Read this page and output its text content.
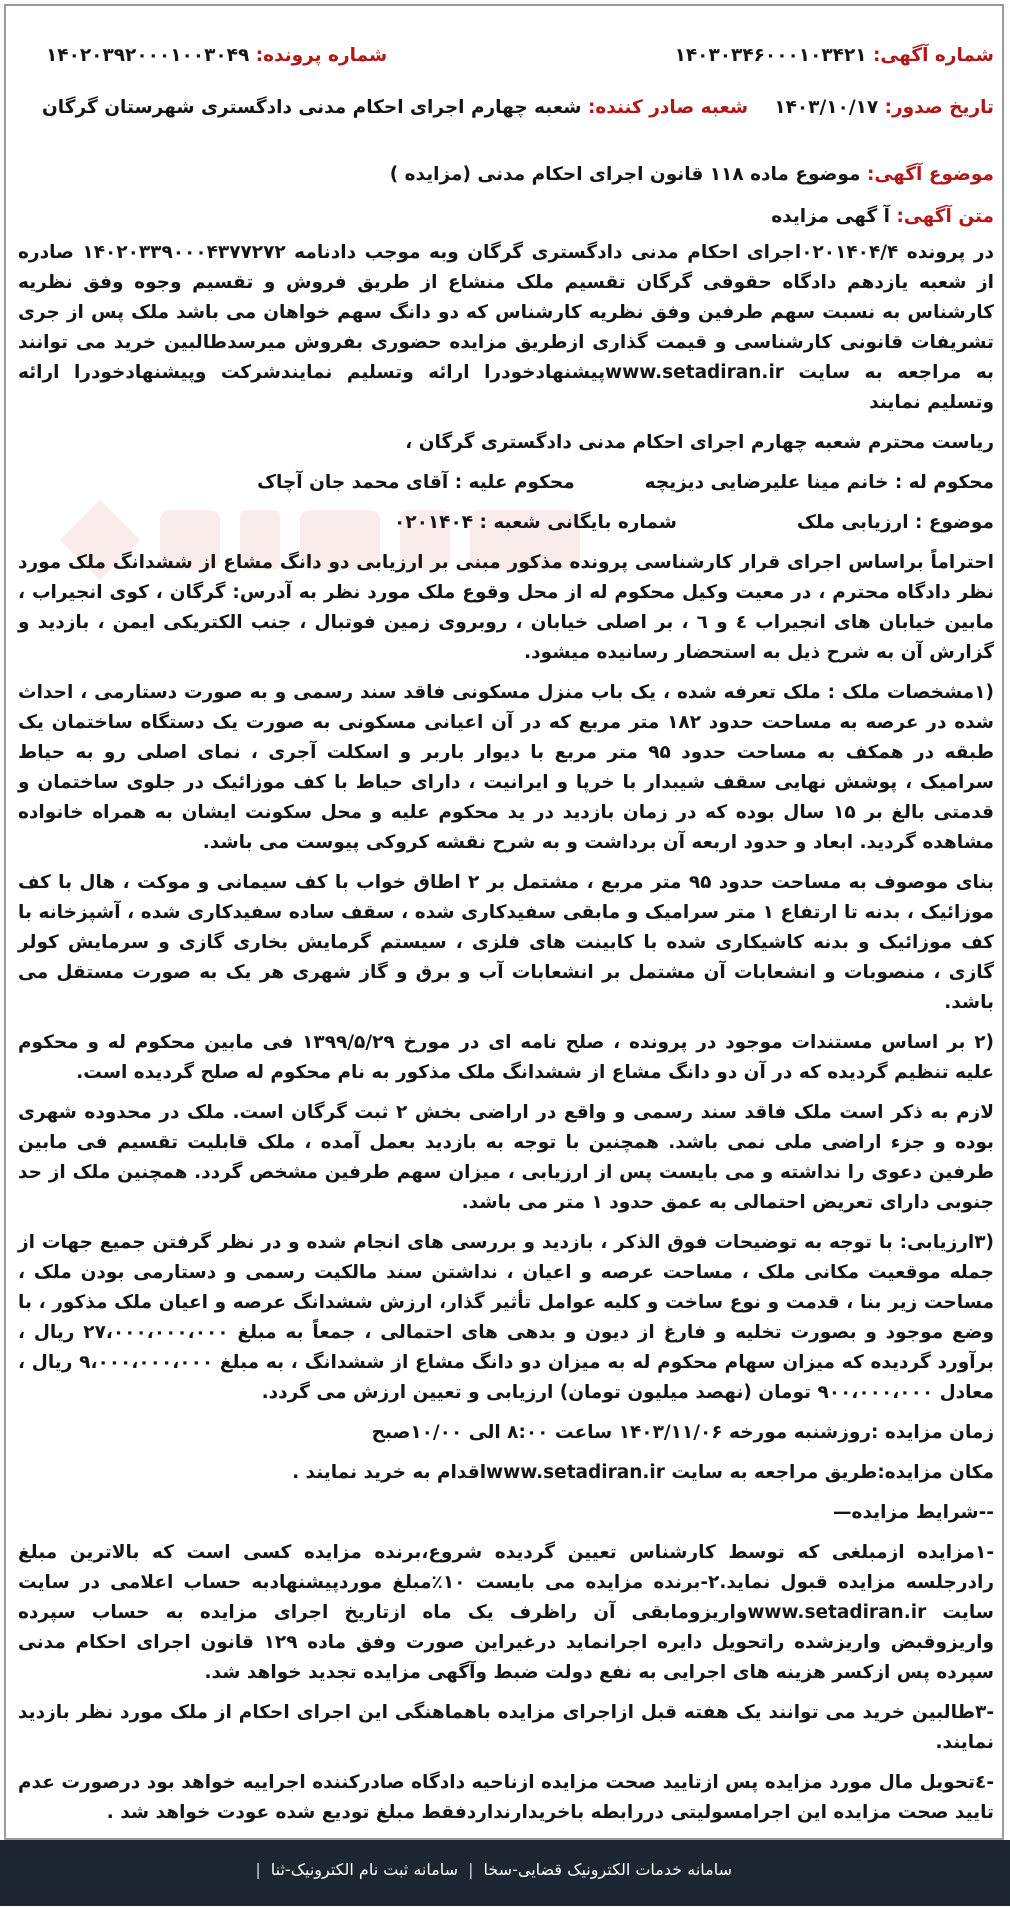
شماره آگهی: ۱۴۰۳۰۳۴۶۰۰۰۱۰۳۴۲۱
شماره پرونده: ۱۴۰۲۰۳۹۲۰۰۰۱۰۰۳۰۴۹
تاریخ صدور: ۱۴۰۳/۱۰/۱۷
شعبه صادر کننده: شعبه چهارم اجرای احکام مدنی دادگستری شهرستان گرگان
موضوع آگهی: موضوع ماده ۱۱۸ قانون اجرای احکام مدنی (مزایده )
متن آگهی: آ گهی مزایده

در پرونده ۰۲۰۱۴۰۴/۴اجرای احکام مدنی دادگستری گرگان وبه موجب دادنامه ۱۴۰۲۰۳۳۹۰۰۰۴۳۷۷۲۷۲ صادره از شعبه یازدهم دادگاه حقوقی گرگان تقسیم ملک منشاع از طریق فروش و تقسیم وجوه وفق نظریه کارشناس به نسبت سهم طرفین وفق نظریه کارشناس که دو دانگ سهم خواهان می باشد ملک پس از جری تشریفات قانونی کارشناسی و قیمت گذاری ازطریق مزایده حضوری بفروش میرسدطالبین خرید می توانند به مراجعه به سایت www.setadiran.irپیشنهادخودرا ارائه وتسلیم نمایندشرکت وپیشنهادخودرا ارائه وتسلیم نمایند

ریاست محترم شعبه چهارم اجرای احکام مدنی دادگستری گرگان ،
محکوم له : خانم مینا علیرضایی دیزیچه
محکوم علیه : آقای محمد جان آچاک
موضوع : ارزیابی ملک
شماره بایگانی شعبه : ۰۲۰۱۴۰۴

احتراماً براساس اجرای قرار کارشناسی پرونده مذکور مبنی بر ارزیابی دو دانگ مشاع از ششدانگ ملک مورد نظر دادگاه محترم ، در معیت وکیل محکوم له از محل وقوع ملک مورد نظر به آدرس: گرگان ، کوی انجیراب ، مابین خیابان های انجیراب ٤ و ٦ ، بر اصلی خیابان ، روبروی زمین فوتبال ، جنب الکتریکی ایمن ، بازدید و گزارش آن به شرح ذیل به استحضار رسانیده میشود.

(۱مشخصات ملک : ملک تعرفه شده ، یک باب منزل مسکونی فاقد سند رسمی و به صورت دستارمی ، احداث شده در عرصه به مساحت حدود ۱۸۲ متر مربع که در آن اعیانی مسکونی به صورت یک دستگاه ساختمان یک طبقه در همکف به مساحت حدود ۹۵ متر مربع با دیوار باربر و اسکلت آجری ، نمای اصلی رو به حیاط سرامیک ، پوشش نهایی سقف شیبدار با خرپا و ایرانیت ، دارای حیاط با کف موزائیک در جلوی ساختمان و قدمتی بالغ بر ۱۵ سال بوده که در زمان بازدید در ید محکوم علیه و محل سکونت ایشان به همراه خانواده مشاهده گردید. ابعاد و حدود اربعه آن برداشت و به شرح نقشه کروکی پیوست می باشد.

بنای موصوف به مساحت حدود ۹۵ متر مربع ، مشتمل بر ۲ اطاق خواب با کف سیمانی و موکت ، هال با کف موزائیک ، بدنه تا ارتفاع ۱ متر سرامیک و مابقی سفیدکاری شده ، سقف ساده سفیدکاری شده ، آشپزخانه با کف موزائیک و بدنه کاشیکاری شده با کابینت های فلزی ، سیستم گرمایش بخاری گازی و سرمایش کولر گازی ، منصوبات و انشعابات آن مشتمل بر انشعابات آب و برق و گاز شهری هر یک به صورت مستقل می باشد.

(۲ بر اساس مستندات موجود در پرونده ، صلح نامه ای در مورخ ۱۳۹۹/۵/۲۹ فی مابین محکوم له و محکوم علیه تنظیم گردیده که در آن دو دانگ مشاع از ششدانگ ملک مذکور به نام محکوم له صلح گردیده است.

لازم به ذکر است ملک فاقد سند رسمی و واقع در اراضی بخش ۲ ثبت گرگان است. ملک در محدوده شهری بوده و جزء اراضی ملی نمی باشد. همچنین با توجه به بازدید بعمل آمده ، ملک قابلیت تقسیم فی مابین طرفین دعوی را نداشته و می بایست پس از ارزیابی ، میزان سهم طرفین مشخص گردد. همچنین ملک از حد جنوبی دارای تعریض احتمالی به عمق حدود ۱ متر می باشد.

(۳ارزیابی: با توجه به توضیحات فوق الذکر ، بازدید و بررسی های انجام شده و در نظر گرفتن جمیع جهات از جمله موقعیت مکانی ملک ، مساحت عرصه و اعیان ، نداشتن سند مالکیت رسمی و دستارمی بودن ملک ، مساحت زیر بنا ، قدمت و نوع ساخت و کلیه عوامل تأثیر گذار، ارزش ششدانگ عرصه و اعیان ملک مذکور ، با وضع موجود و بصورت تخلیه و فارغ از دیون و بدهی های احتمالی ، جمعاً به مبلغ ۲۷،۰۰۰،۰۰۰،۰۰۰ ریال ، برآورد گردیده که میزان سهام محکوم له به میزان دو دانگ مشاع از ششدانگ ، به مبلغ ۹،۰۰۰،۰۰۰،۰۰۰ ریال ، معادل ۹۰۰،۰۰۰،۰۰۰ تومان (نهصد میلیون تومان) ارزیابی و تعیین ارزش می گردد.

زمان مزایده :روزشنبه مورخه ۱۴۰۳/۱۱/۰۶ ساعت ۸:۰۰ الی ۱۰/۰۰صبح
مکان مزایده:طریق مراجعه به سایت www.setadiran.irاقدام به خرید نمایند .
--شرایط مزایده—

-۱مزایده ازمبلغی که توسط کارشناس تعیین گردیده شروع،برنده مزایده کسی است که بالاترین مبلغ رادرجلسه مزایده قبول نماید.۲-برنده مزایده می بایست ۱۰٪مبلغ موردپیشنهادبه حساب اعلامی در سایت سایت www.setadiran.irواریزومابقی آن راظرف یک ماه ازتاریخ اجرای مزایده به حساب سپرده واریزوقبض واریزشده راتحویل دایره اجرانماید درغیراین صورت وفق ماده ۱۲۹ قانون اجرای احکام مدنی سپرده پس ازکسر هزینه های اجرایی به نفع دولت ضبط وآگهی مزایده تجدید خواهد شد.

-۳طالبین خرید می توانند یک هفته قبل ازاجرای مزایده باهماهنگی این اجرای احکام از ملک مورد نظر بازدید نمایند.

-٤تحویل مال مورد مزایده پس ازتایید صحت مزایده ازناحیه دادگاه صادرکننده اجراییه خواهد بود درصورت عدم تایید صحت مزایده این اجرامسولیتی دررابطه باخریدارنداردفقط مبلغ تودیع شده عودت خواهد شد .

سامانه خدمات الکترونیک قضایی-سخا
|
سامانه ثبت نام الکترونیک-ثنا
|
